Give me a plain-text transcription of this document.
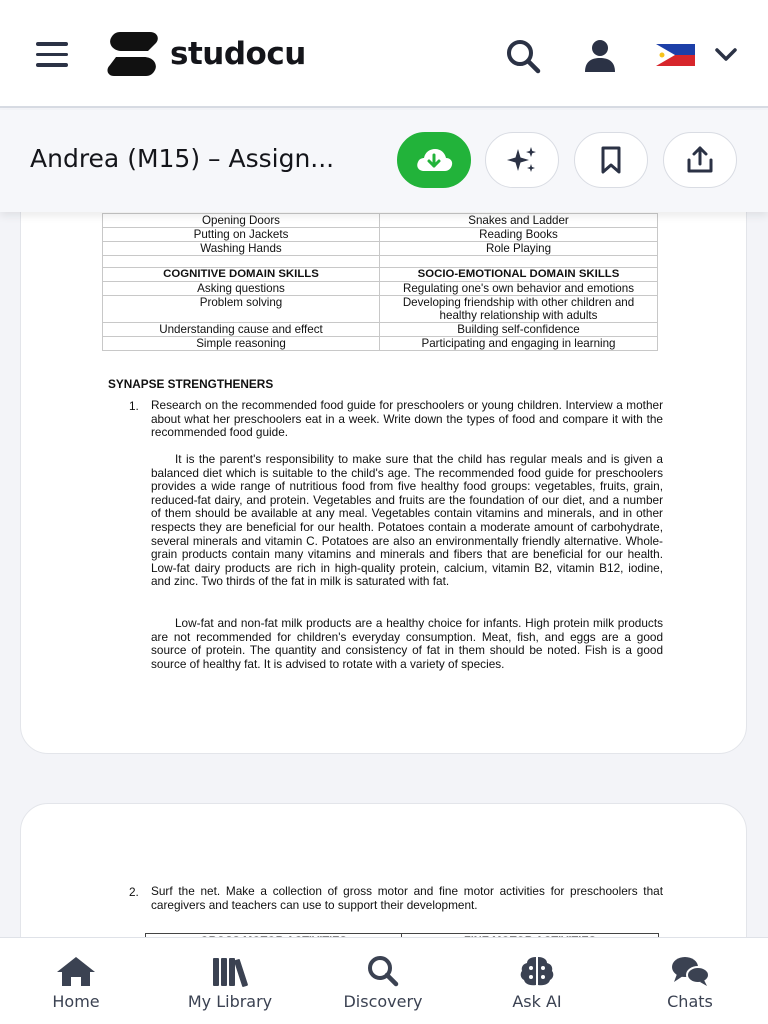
studocu
Andrea (M15) – Assign...
Opening Doors	Snakes and Ladder
Putting on Jackets	Reading Books
Washing Hands	Role Playing

COGNITIVE DOMAIN SKILLS	SOCIO-EMOTIONAL DOMAIN SKILLS
Asking questions	Regulating one's own behavior and emotions
Problem solving	Developing friendship with other children and healthy relationship with adults
Understanding cause and effect	Building self-confidence
Simple reasoning	Participating and engaging in learning
SYNAPSE STRENGTHENERS
1. Research on the recommended food guide for preschoolers or young children. Interview a mother about what her preschoolers eat in a week. Write down the types of food and compare it with the recommended food guide.
It is the parent's responsibility to make sure that the child has regular meals and is given a balanced diet which is suitable to the child's age. The recommended food guide for preschoolers provides a wide range of nutritious food from five healthy food groups: vegetables, fruits, grain, reduced-fat dairy, and protein. Vegetables and fruits are the foundation of our diet, and a number of them should be available at any meal. Vegetables contain vitamins and minerals, and in other respects they are beneficial for our health. Potatoes contain a moderate amount of carbohydrate, several minerals and vitamin C. Potatoes are also an environmentally friendly alternative. Whole-grain products contain many vitamins and minerals and fibers that are beneficial for our health. Low-fat dairy products are rich in high-quality protein, calcium, vitamin B2, vitamin B12, iodine, and zinc. Two thirds of the fat in milk is saturated with fat.
Low-fat and non-fat milk products are a healthy choice for infants. High protein milk products are not recommended for children's everyday consumption. Meat, fish, and eggs are a good source of protein. The quantity and consistency of fat in them should be noted. Fish is a good source of healthy fat. It is advised to rotate with a variety of species.
2. Surf the net. Make a collection of gross motor and fine motor activities for preschoolers that caregivers and teachers can use to support their development.
Home	My Library	Discovery	Ask AI	Chats
